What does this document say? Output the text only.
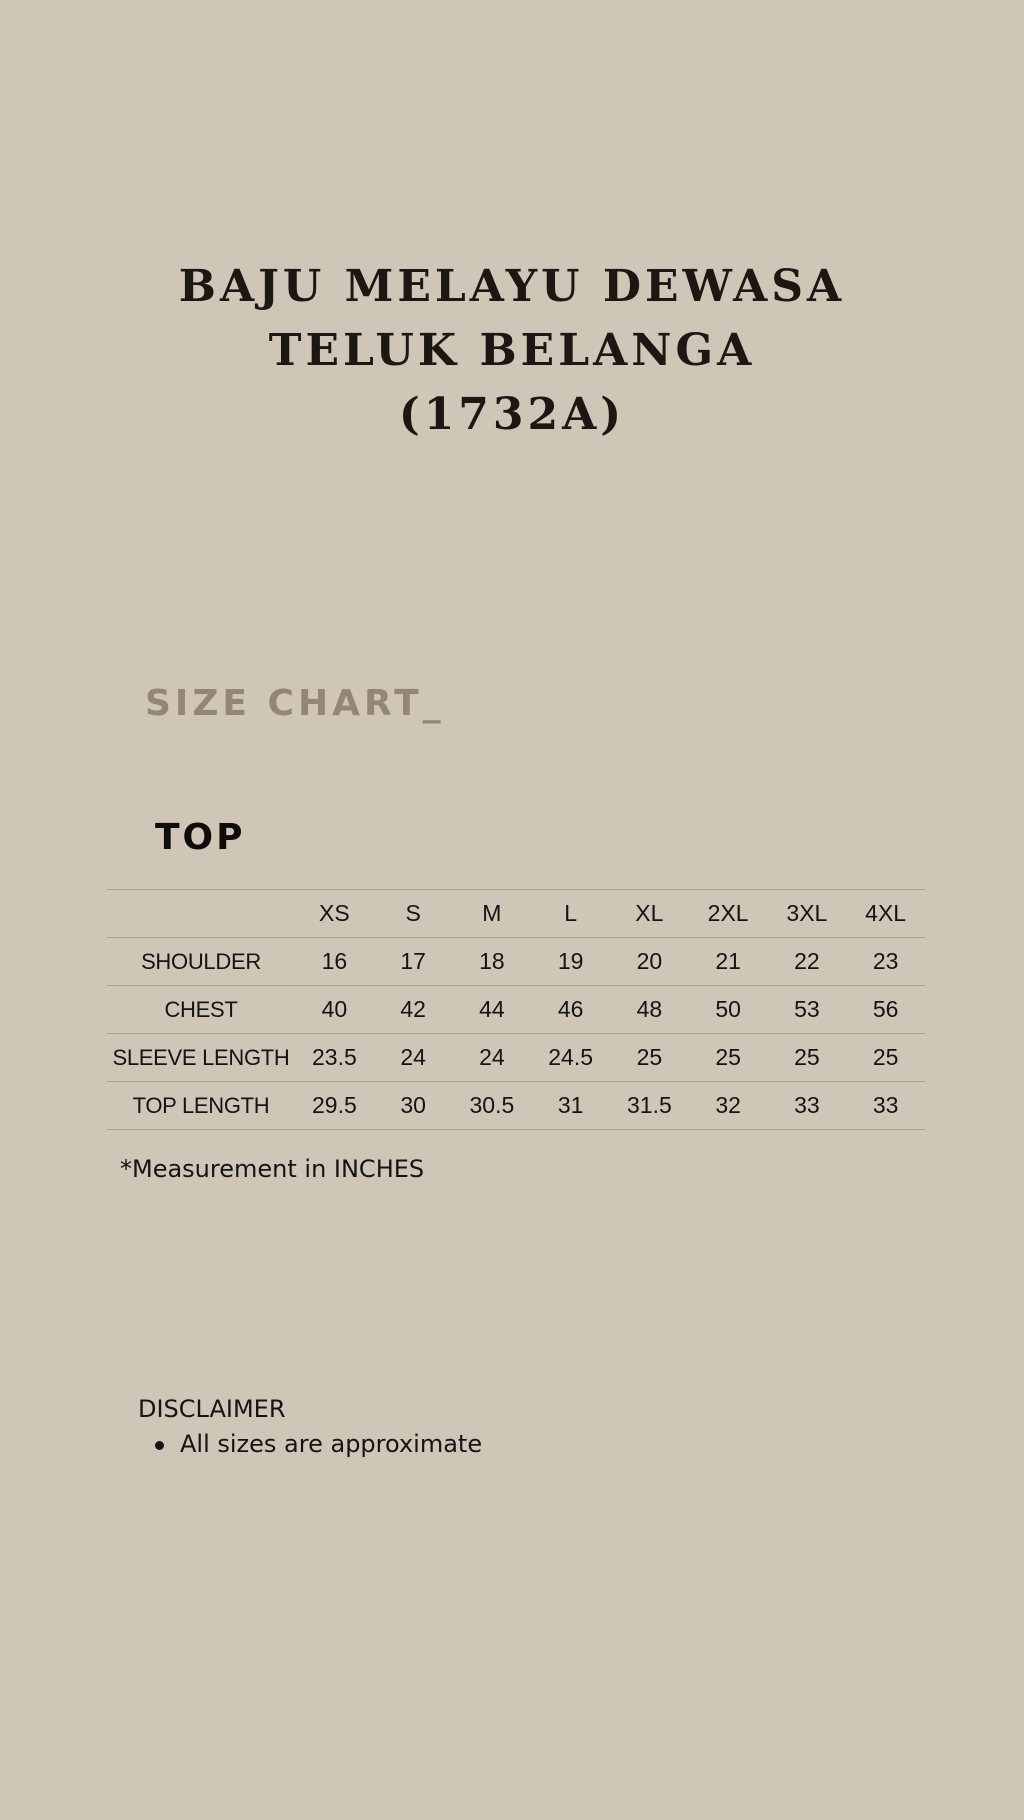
BAJU MELAYU DEWASA
TELUK BELANGA
(1732A)
SIZE CHART_
TOP
	XS	S	M	L	XL	2XL	3XL	4XL
SHOULDER	16	17	18	19	20	21	22	23
CHEST	40	42	44	46	48	50	53	56
SLEEVE LENGTH	23.5	24	24	24.5	25	25	25	25
TOP LENGTH	29.5	30	30.5	31	31.5	32	33	33
*Measurement in INCHES
DISCLAIMER
All sizes are approximate
